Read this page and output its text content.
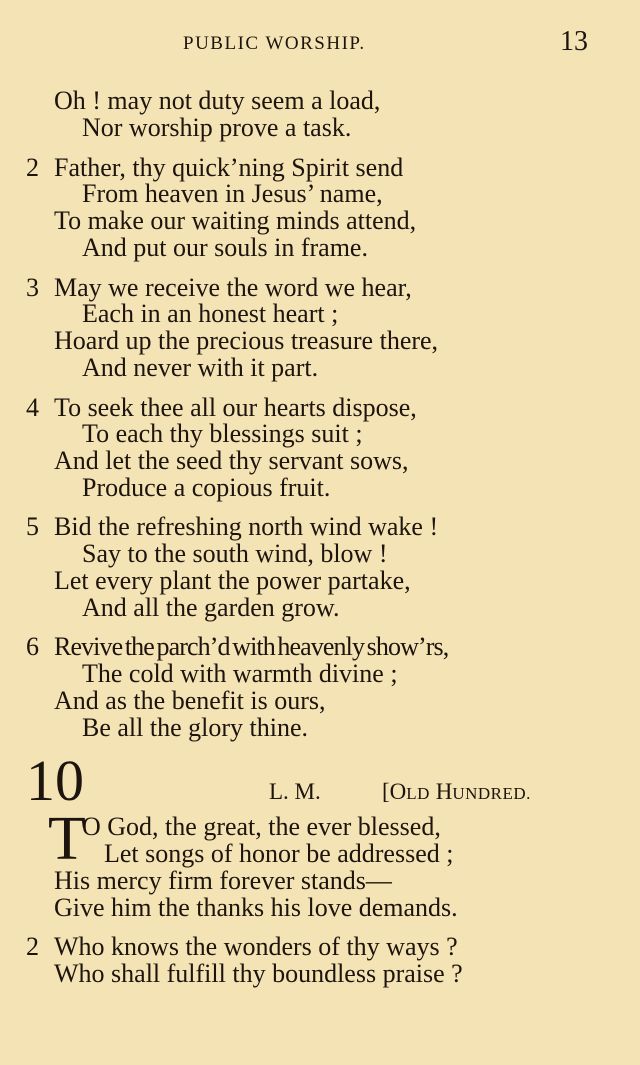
PUBLIC WORSHIP.	13
Oh ! may not duty seem a load,
Nor worship prove a task.
2 Father, thy quick’ning Spirit send
From heaven in Jesus’ name,
To make our waiting minds attend,
And put our souls in frame.
3 May we receive the word we hear,
Each in an honest heart ;
Hoard up the precious treasure there,
And never with it part.
4 To seek thee all our hearts dispose,
To each thy blessings suit ;
And let the seed thy servant sows,
Produce a copious fruit.
5 Bid the refreshing north wind wake !
Say to the south wind, blow !
Let every plant the power partake,
And all the garden grow.
6 Revive the parch’d with heavenly show’rs,
The cold with warmth divine ;
And as the benefit is ours,
Be all the glory thine.
10	L. M.	[OLD HUNDRED.
T
O God, the great, the ever blessed,
Let songs of honor be addressed ;
His mercy firm forever stands—
Give him the thanks his love demands.
2 Who knows the wonders of thy ways ?
Who shall fulfill thy boundless praise ?
